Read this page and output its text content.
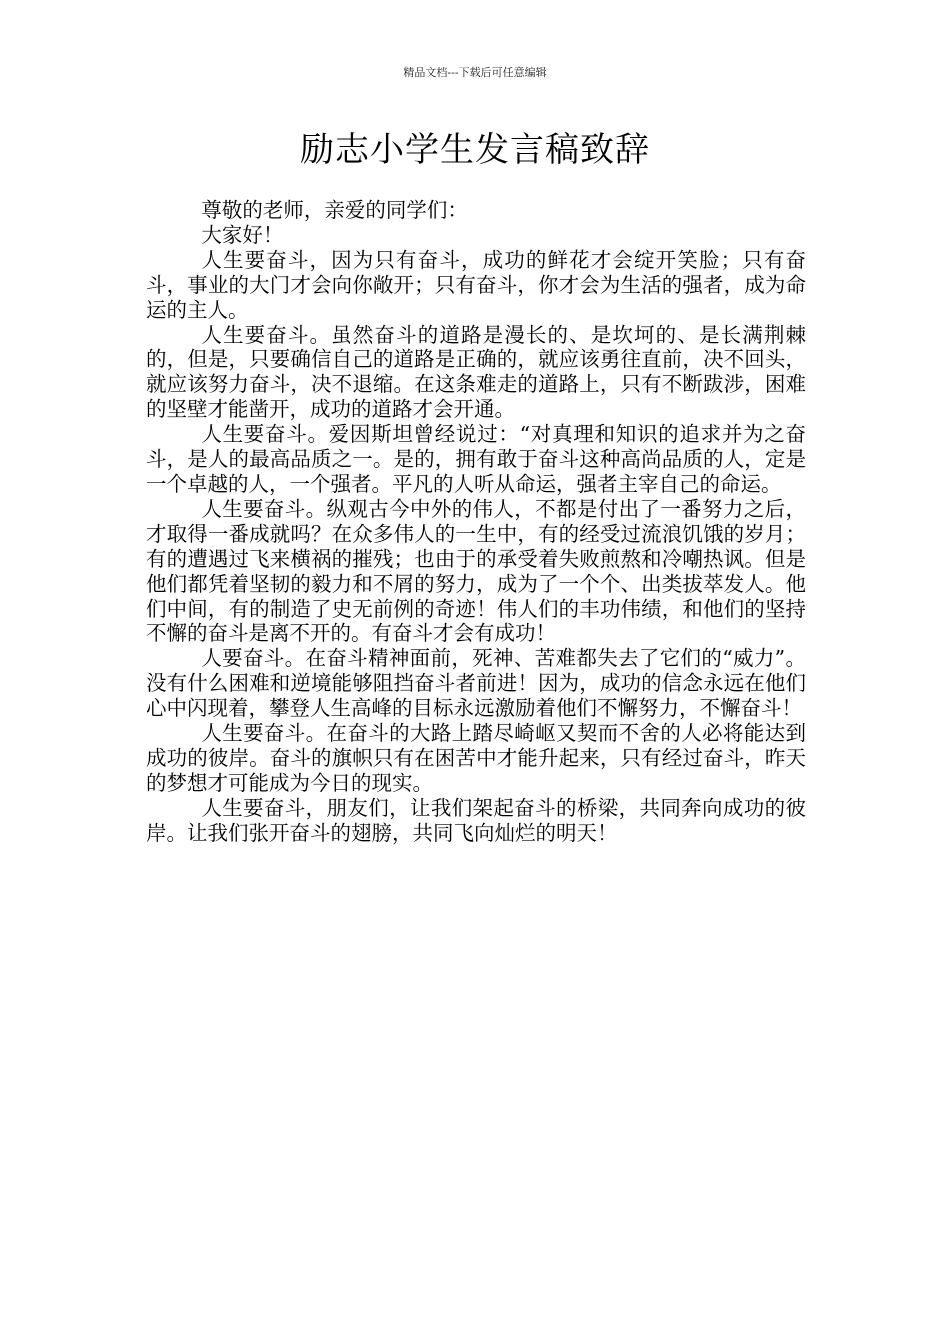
精品文档---下载后可任意编辑
励志小学生发言稿致辞

尊敬的老师，亲爱的同学们：

大家好！

人生要奋斗，因为只有奋斗，成功的鲜花才会绽开笑脸；只有奋斗，事业的大门才会向你敞开；只有奋斗，你才会为生活的强者，成为命运的主人。

人生要奋斗。虽然奋斗的道路是漫长的、是坎坷的、是长满荆棘的，但是，只要确信自己的道路是正确的，就应该勇往直前，决不回头，就应该努力奋斗，决不退缩。在这条难走的道路上，只有不断跋涉，困难的坚壁才能凿开，成功的道路才会开通。

人生要奋斗。爱因斯坦曾经说过：“对真理和知识的追求并为之奋斗，是人的最高品质之一。是的，拥有敢于奋斗这种高尚品质的人，定是一个卓越的人，一个强者。平凡的人听从命运，强者主宰自己的命运。

人生要奋斗。纵观古今中外的伟人，不都是付出了一番努力之后，才取得一番成就吗？在众多伟人的一生中，有的经受过流浪饥饿的岁月；有的遭遇过飞来横祸的摧残；也由于的承受着失败煎熬和冷嘲热讽。但是他们都凭着坚韧的毅力和不屑的努力，成为了一个个、出类拔萃发人。他们中间，有的制造了史无前例的奇迹！伟人们的丰功伟绩，和他们的坚持不懈的奋斗是离不开的。有奋斗才会有成功！

人要奋斗。在奋斗精神面前，死神、苦难都失去了它们的“威力”。没有什么困难和逆境能够阻挡奋斗者前进！因为，成功的信念永远在他们心中闪现着，攀登人生高峰的目标永远激励着他们不懈努力，不懈奋斗！

人生要奋斗。在奋斗的大路上踏尽崎岖又契而不舍的人必将能达到成功的彼岸。奋斗的旗帜只有在困苦中才能升起来，只有经过奋斗，昨天的梦想才可能成为今日的现实。

人生要奋斗，朋友们，让我们架起奋斗的桥梁，共同奔向成功的彼岸。让我们张开奋斗的翅膀，共同飞向灿烂的明天！
